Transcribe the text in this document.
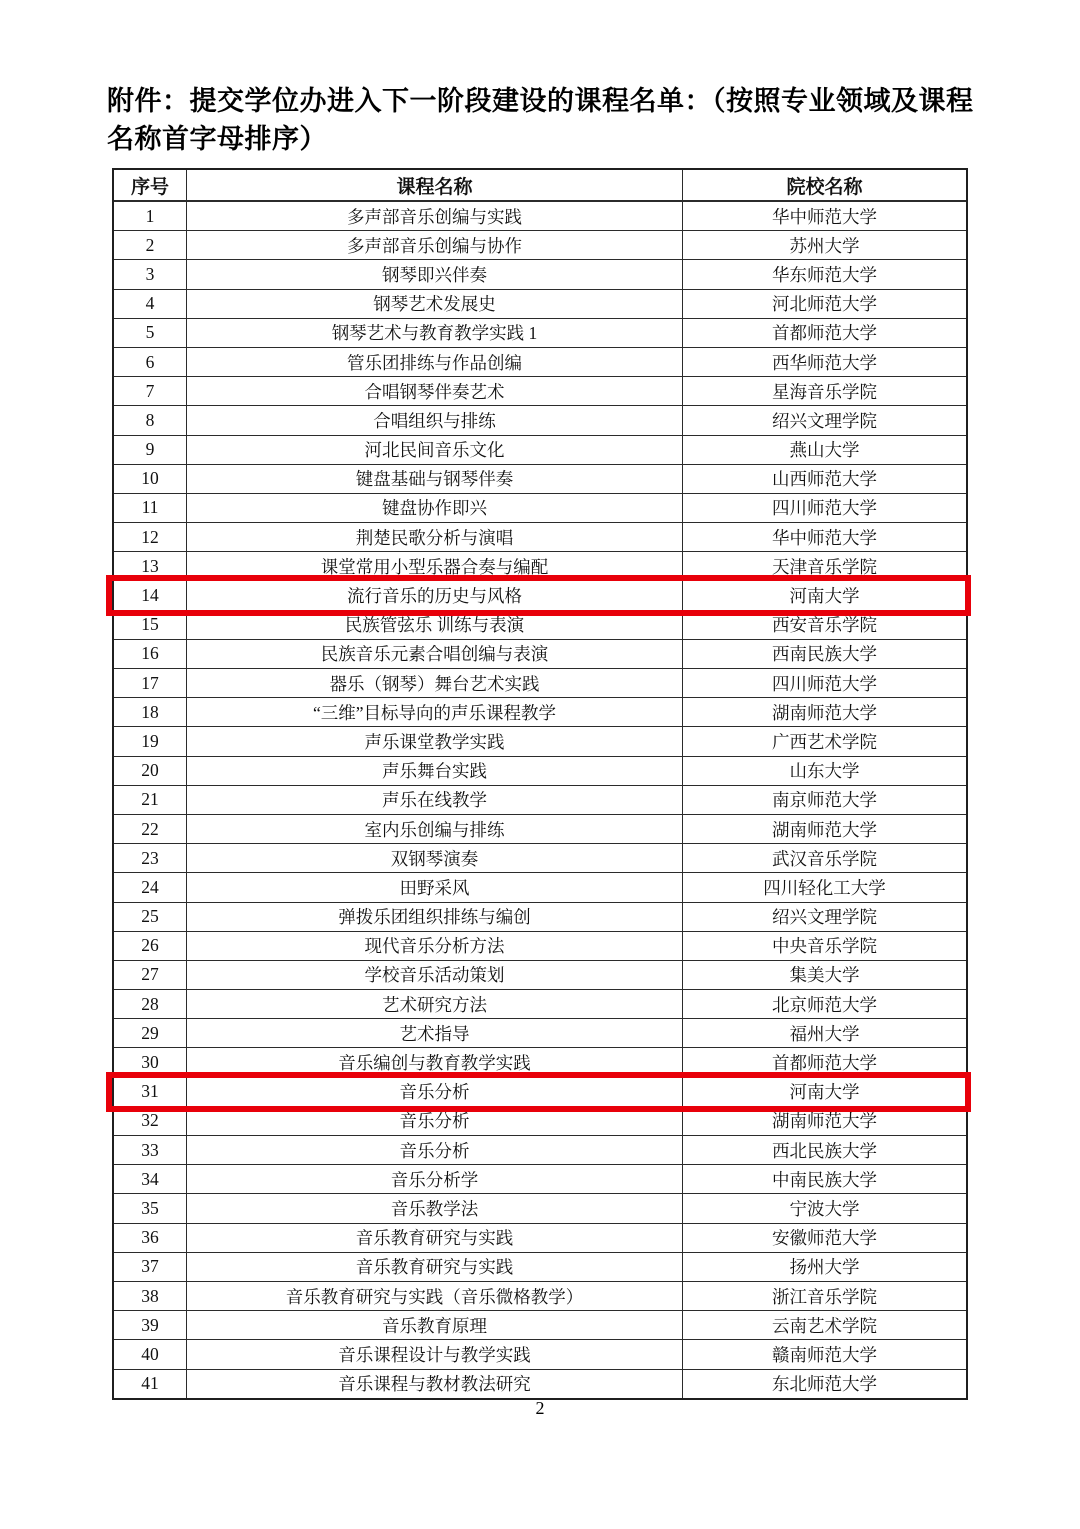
附件：提交学位办进入下一阶段建设的课程名单：（按照专业领域及课程名称首字母排序）
序号	课程名称	院校名称
1	多声部音乐创编与实践	华中师范大学
2	多声部音乐创编与协作	苏州大学
3	钢琴即兴伴奏	华东师范大学
4	钢琴艺术发展史	河北师范大学
5	钢琴艺术与教育教学实践 1	首都师范大学
6	管乐团排练与作品创编	西华师范大学
7	合唱钢琴伴奏艺术	星海音乐学院
8	合唱组织与排练	绍兴文理学院
9	河北民间音乐文化	燕山大学
10	键盘基础与钢琴伴奏	山西师范大学
11	键盘协作即兴	四川师范大学
12	荆楚民歌分析与演唱	华中师范大学
13	课堂常用小型乐器合奏与编配	天津音乐学院
14	流行音乐的历史与风格	河南大学
15	民族管弦乐 训练与表演	西安音乐学院
16	民族音乐元素合唱创编与表演	西南民族大学
17	器乐（钢琴）舞台艺术实践	四川师范大学
18	“三维”目标导向的声乐课程教学	湖南师范大学
19	声乐课堂教学实践	广西艺术学院
20	声乐舞台实践	山东大学
21	声乐在线教学	南京师范大学
22	室内乐创编与排练	湖南师范大学
23	双钢琴演奏	武汉音乐学院
24	田野采风	四川轻化工大学
25	弹拨乐团组织排练与编创	绍兴文理学院
26	现代音乐分析方法	中央音乐学院
27	学校音乐活动策划	集美大学
28	艺术研究方法	北京师范大学
29	艺术指导	福州大学
30	音乐编创与教育教学实践	首都师范大学
31	音乐分析	河南大学
32	音乐分析	湖南师范大学
33	音乐分析	西北民族大学
34	音乐分析学	中南民族大学
35	音乐教学法	宁波大学
36	音乐教育研究与实践	安徽师范大学
37	音乐教育研究与实践	扬州大学
38	音乐教育研究与实践（音乐微格教学）	浙江音乐学院
39	音乐教育原理	云南艺术学院
40	音乐课程设计与教学实践	赣南师范大学
41	音乐课程与教材教法研究	东北师范大学
2
